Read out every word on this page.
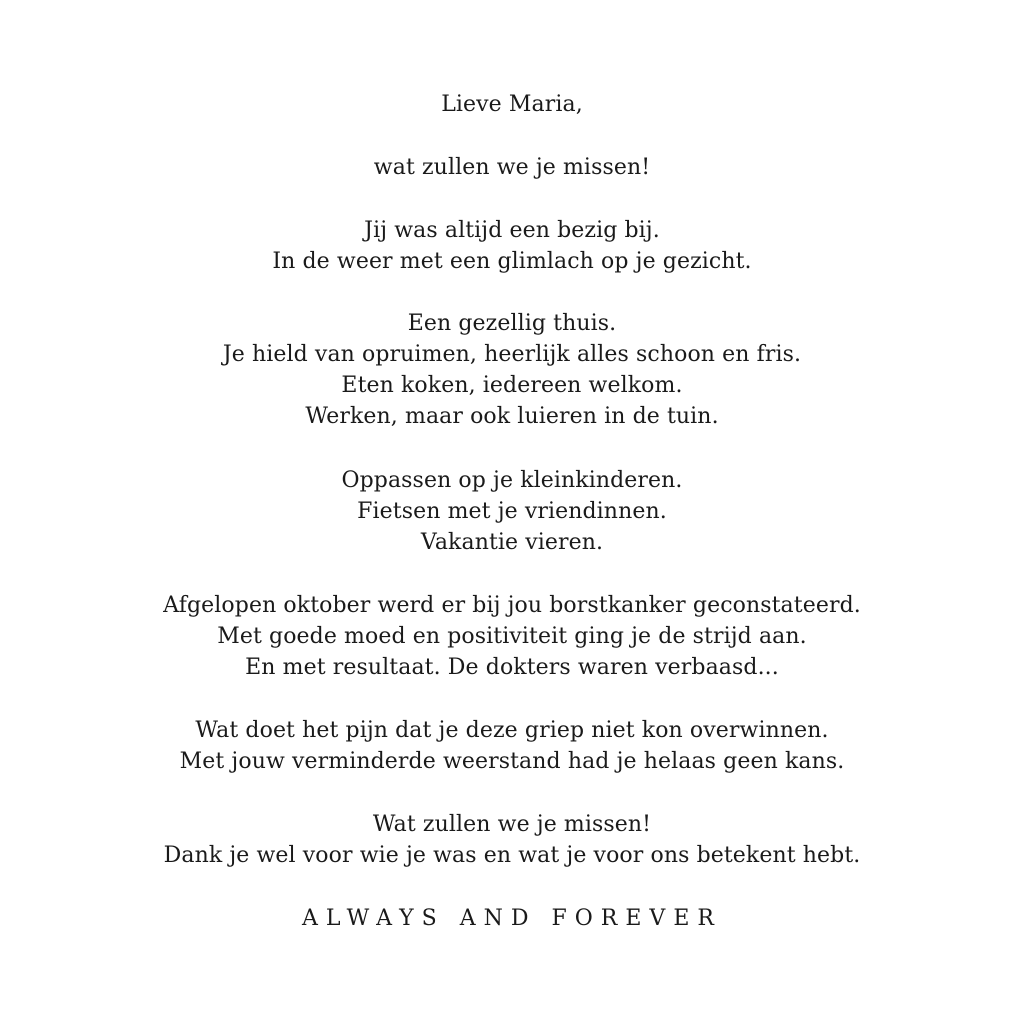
Lieve Maria,
wat zullen we je missen!
Jij was altijd een bezig bij.
In de weer met een glimlach op je gezicht.
Een gezellig thuis.
Je hield van opruimen, heerlijk alles schoon en fris.
Eten koken, iedereen welkom.
Werken, maar ook luieren in de tuin.
Oppassen op je kleinkinderen.
Fietsen met je vriendinnen.
Vakantie vieren.
Afgelopen oktober werd er bij jou borstkanker geconstateerd.
Met goede moed en positiviteit ging je de strijd aan.
En met resultaat. De dokters waren verbaasd...
Wat doet het pijn dat je deze griep niet kon overwinnen.
Met jouw verminderde weerstand had je helaas geen kans.
Wat zullen we je missen!
Dank je wel voor wie je was en wat je voor ons betekent hebt.
ALWAYS AND FOREVER
